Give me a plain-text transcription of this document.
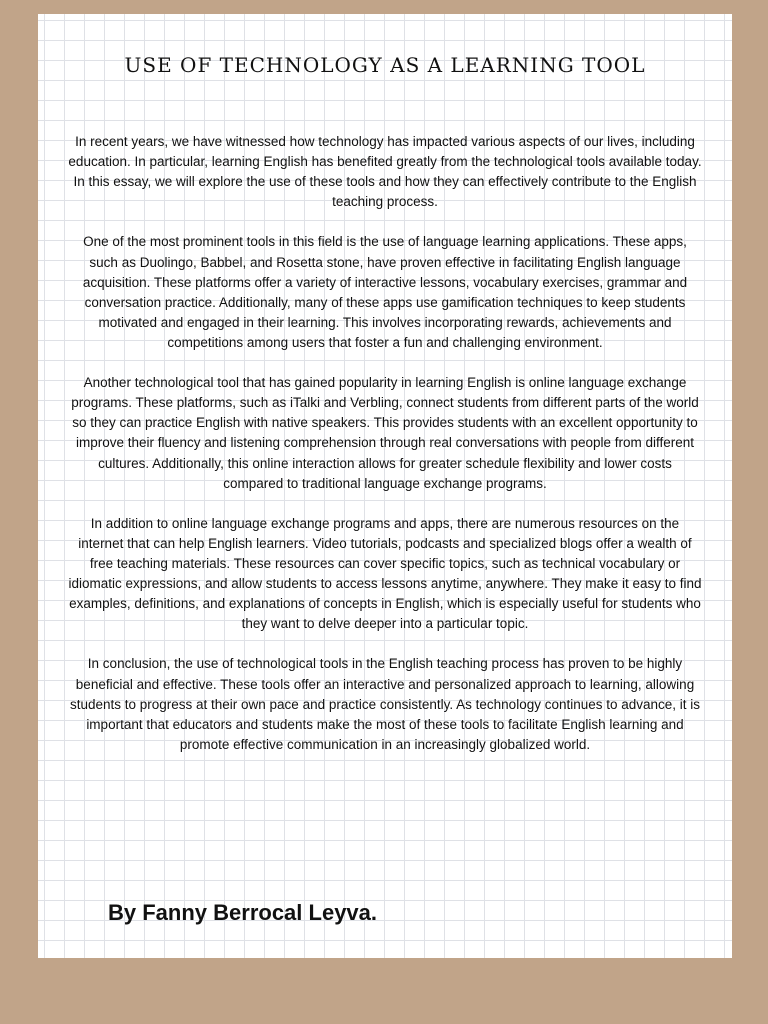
USE OF TECHNOLOGY AS A LEARNING TOOL

In recent years, we have witnessed how technology has impacted various aspects of our lives, including education. In particular, learning English has benefited greatly from the technological tools available today. In this essay, we will explore the use of these tools and how they can effectively contribute to the English teaching process.

One of the most prominent tools in this field is the use of language learning applications. These apps, such as Duolingo, Babbel, and Rosetta stone, have proven effective in facilitating English language acquisition. These platforms offer a variety of interactive lessons, vocabulary exercises, grammar and conversation practice. Additionally, many of these apps use gamification techniques to keep students motivated and engaged in their learning. This involves incorporating rewards, achievements and competitions among users that foster a fun and challenging environment.

Another technological tool that has gained popularity in learning English is online language exchange programs. These platforms, such as iTalki and Verbling, connect students from different parts of the world so they can practice English with native speakers. This provides students with an excellent opportunity to improve their fluency and listening comprehension through real conversations with people from different cultures. Additionally, this online interaction allows for greater schedule flexibility and lower costs compared to traditional language exchange programs.

In addition to online language exchange programs and apps, there are numerous resources on the internet that can help English learners. Video tutorials, podcasts and specialized blogs offer a wealth of free teaching materials. These resources can cover specific topics, such as technical vocabulary or idiomatic expressions, and allow students to access lessons anytime, anywhere. They make it easy to find examples, definitions, and explanations of concepts in English, which is especially useful for students who they want to delve deeper into a particular topic.

In conclusion, the use of technological tools in the English teaching process has proven to be highly beneficial and effective. These tools offer an interactive and personalized approach to learning, allowing students to progress at their own pace and practice consistently. As technology continues to advance, it is important that educators and students make the most of these tools to facilitate English learning and promote effective communication in an increasingly globalized world.

By Fanny Berrocal Leyva.
